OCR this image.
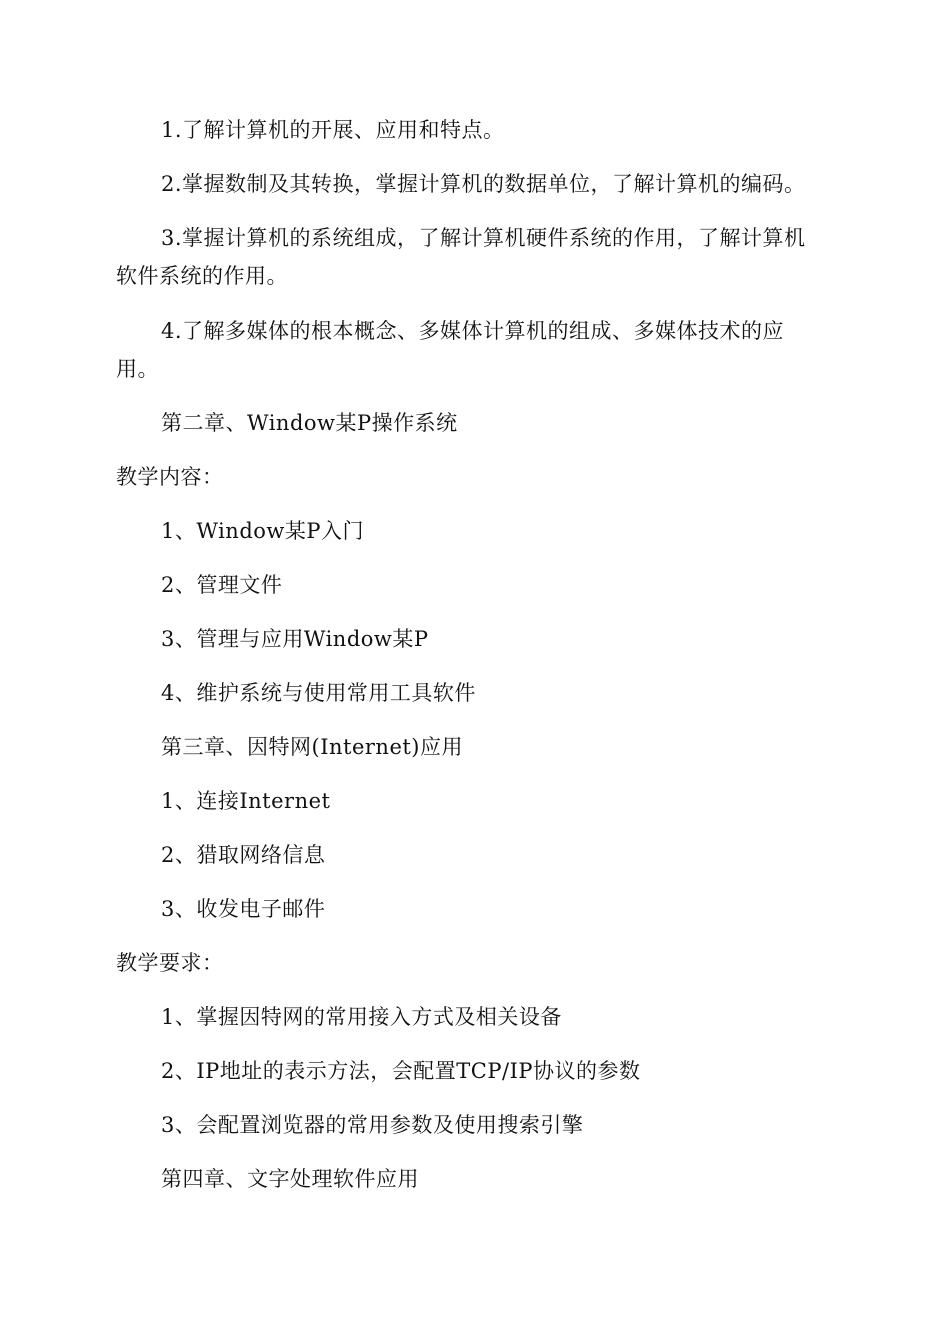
1.了解计算机的开展、应用和特点。
2.掌握数制及其转换，掌握计算机的数据单位，了解计算机的编码。
3.掌握计算机的系统组成，了解计算机硬件系统的作用，了解计算机
软件系统的作用。
4.了解多媒体的根本概念、多媒体计算机的组成、多媒体技术的应
用。
第二章、Window某P操作系统
教学内容：
1、Window某P入门
2、管理文件
3、管理与应用Window某P
4、维护系统与使用常用工具软件
第三章、因特网(Internet)应用
1、连接Internet
2、猎取网络信息
3、收发电子邮件
教学要求：
1、掌握因特网的常用接入方式及相关设备
2、IP地址的表示方法，会配置TCP/IP协议的参数
3、会配置浏览器的常用参数及使用搜索引擎
第四章、文字处理软件应用
